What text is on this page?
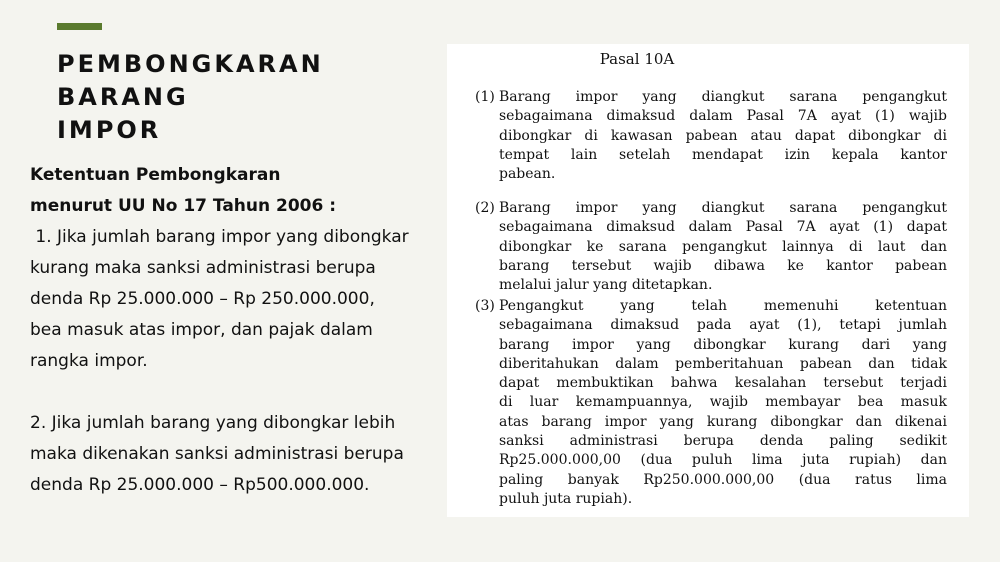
PEMBONGKARAN BARANG
IMPOR
Ketentuan Pembongkaran
menurut UU No 17 Tahun 2006 :
1. Jika jumlah barang impor yang dibongkar
kurang maka sanksi administrasi berupa
denda Rp 25.000.000 – Rp 250.000.000,
bea masuk atas impor, dan pajak dalam
rangka impor.
2. Jika jumlah barang yang dibongkar lebih
maka dikenakan sanksi administrasi berupa
denda Rp 25.000.000 – Rp500.000.000.
Pasal 10A
(1) Barang impor yang diangkut sarana pengangkut
sebagaimana dimaksud dalam Pasal 7A ayat (1) wajib
dibongkar di kawasan pabean atau dapat dibongkar di
tempat lain setelah mendapat izin kepala kantor
pabean.
(2) Barang impor yang diangkut sarana pengangkut
sebagaimana dimaksud dalam Pasal 7A ayat (1) dapat
dibongkar ke sarana pengangkut lainnya di laut dan
barang tersebut wajib dibawa ke kantor pabean
melalui jalur yang ditetapkan.
(3) Pengangkut yang telah memenuhi ketentuan
sebagaimana dimaksud pada ayat (1), tetapi jumlah
barang impor yang dibongkar kurang dari yang
diberitahukan dalam pemberitahuan pabean dan tidak
dapat membuktikan bahwa kesalahan tersebut terjadi
di luar kemampuannya, wajib membayar bea masuk
atas barang impor yang kurang dibongkar dan dikenai
sanksi administrasi berupa denda paling sedikit
Rp25.000.000,00 (dua puluh lima juta rupiah) dan
paling banyak Rp250.000.000,00 (dua ratus lima
puluh juta rupiah).
